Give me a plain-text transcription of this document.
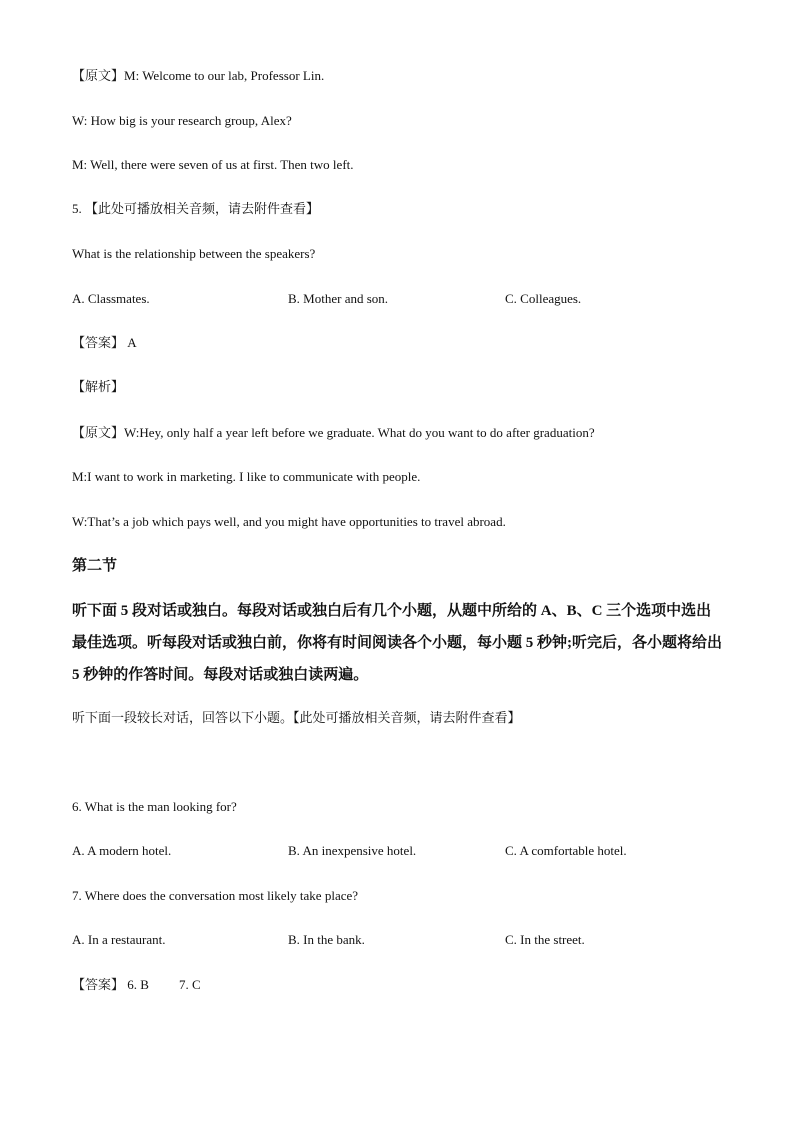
【原文】M: Welcome to our lab, Professor Lin.

W: How big is your research group, Alex?

M: Well, there were seven of us at first. Then two left.

5. 【此处可播放相关音频，请去附件查看】

What is the relationship between the speakers?

A. Classmates.	B. Mother and son.	C. Colleagues.

【答案】 A

【解析】

【原文】W:Hey, only half a year left before we graduate. What do you want to do after graduation?

M:I want to work in marketing. I like to communicate with people.

W:That’s a job which pays well, and you might have opportunities to travel abroad.

第二节

听下面 5 段对话或独白。每段对话或独白后有几个小题，从题中所给的 A、B、C 三个选项中选出最佳选项。听每段对话或独白前，你将有时间阅读各个小题，每小题 5 秒钟;听完后，各小题将给出 5 秒钟的作答时间。每段对话或独白读两遍。

听下面一段较长对话，回答以下小题。【此处可播放相关音频，请去附件查看】

6. What is the man looking for?

A. A modern hotel.	B. An inexpensive hotel.	C. A comfortable hotel.

7. Where does the conversation most likely take place?

A. In a restaurant.	B. In the bank.	C. In the street.

【答案】 6. B 7. C
